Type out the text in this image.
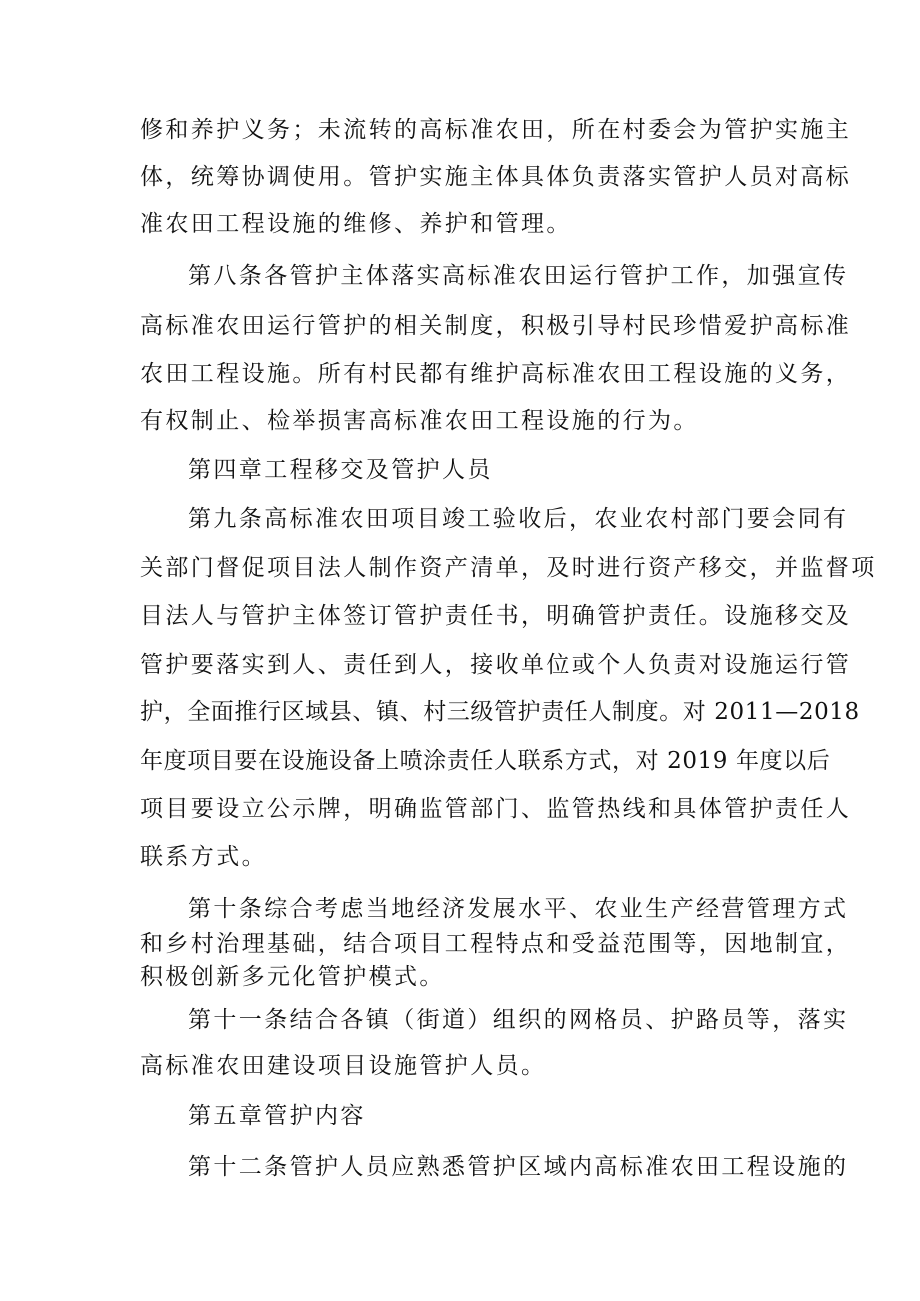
修和养护义务；未流转的高标准农田，所在村委会为管护实施主
体，统筹协调使用。管护实施主体具体负责落实管护人员对高标
准农田工程设施的维修、养护和管理。
第八条各管护主体落实高标准农田运行管护工作，加强宣传
高标准农田运行管护的相关制度，积极引导村民珍惜爱护高标准
农田工程设施。所有村民都有维护高标准农田工程设施的义务，
有权制止、检举损害高标准农田工程设施的行为。
第四章工程移交及管护人员
第九条高标准农田项目竣工验收后，农业农村部门要会同有
关部门督促项目法人制作资产清单，及时进行资产移交，并监督项
目法人与管护主体签订管护责任书，明确管护责任。设施移交及
管护要落实到人、责任到人，接收单位或个人负责对设施运行管
护，全面推行区域县、镇、村三级管护责任人制度。对 2011—2018
年度项目要在设施设备上喷涂责任人联系方式，对 2019 年度以后
项目要设立公示牌，明确监管部门、监管热线和具体管护责任人
联系方式。
第十条综合考虑当地经济发展水平、农业生产经营管理方式
和乡村治理基础，结合项目工程特点和受益范围等，因地制宜，
积极创新多元化管护模式。
第十一条结合各镇（街道）组织的网格员、护路员等，落实
高标准农田建设项目设施管护人员。
第五章管护内容
第十二条管护人员应熟悉管护区域内高标准农田工程设施的
